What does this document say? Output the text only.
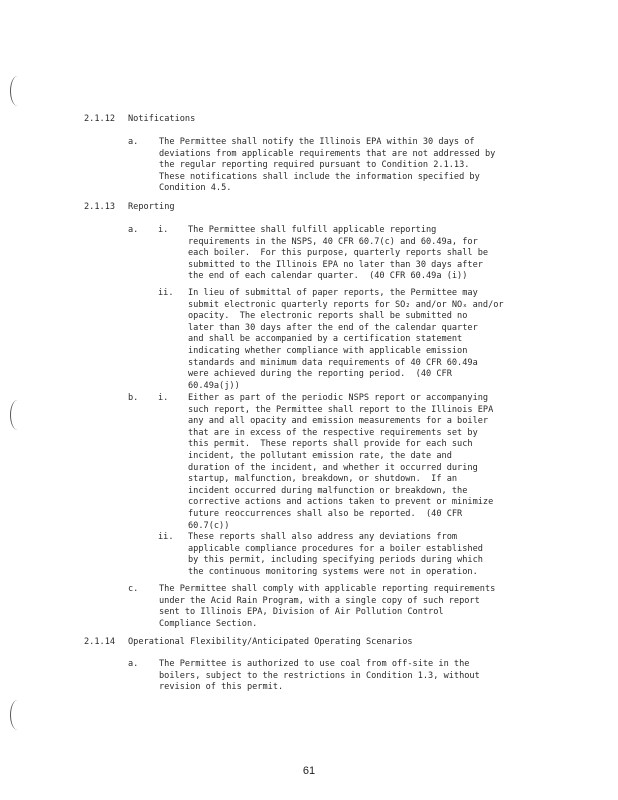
2.1.12 Notifications
a. The Permittee shall notify the Illinois EPA within 30 days of
deviations from applicable requirements that are not addressed by
the regular reporting required pursuant to Condition 2.1.13.
These notifications shall include the information specified by
Condition 4.5.
2.1.13 Reporting
a. i. The Permittee shall fulfill applicable reporting
requirements in the NSPS, 40 CFR 60.7(c) and 60.49a, for
each boiler.  For this purpose, quarterly reports shall be
submitted to the Illinois EPA no later than 30 days after
the end of each calendar quarter.  (40 CFR 60.49a (i))
ii. In lieu of submittal of paper reports, the Permittee may
submit electronic quarterly reports for SO₂ and/or NOₓ and/or
opacity.  The electronic reports shall be submitted no
later than 30 days after the end of the calendar quarter
and shall be accompanied by a certification statement
indicating whether compliance with applicable emission
standards and minimum data requirements of 40 CFR 60.49a
were achieved during the reporting period.  (40 CFR
60.49a(j))
b. i. Either as part of the periodic NSPS report or accompanying
such report, the Permittee shall report to the Illinois EPA
any and all opacity and emission measurements for a boiler
that are in excess of the respective requirements set by
this permit.  These reports shall provide for each such
incident, the pollutant emission rate, the date and
duration of the incident, and whether it occurred during
startup, malfunction, breakdown, or shutdown.  If an
incident occurred during malfunction or breakdown, the
corrective actions and actions taken to prevent or minimize
future reoccurrences shall also be reported.  (40 CFR
60.7(c))
ii. These reports shall also address any deviations from
applicable compliance procedures for a boiler established
by this permit, including specifying periods during which
the continuous monitoring systems were not in operation.
c. The Permittee shall comply with applicable reporting requirements
under the Acid Rain Program, with a single copy of such report
sent to Illinois EPA, Division of Air Pollution Control
Compliance Section.
2.1.14 Operational Flexibility/Anticipated Operating Scenarios
a. The Permittee is authorized to use coal from off-site in the
boilers, subject to the restrictions in Condition 1.3, without
revision of this permit.
61
